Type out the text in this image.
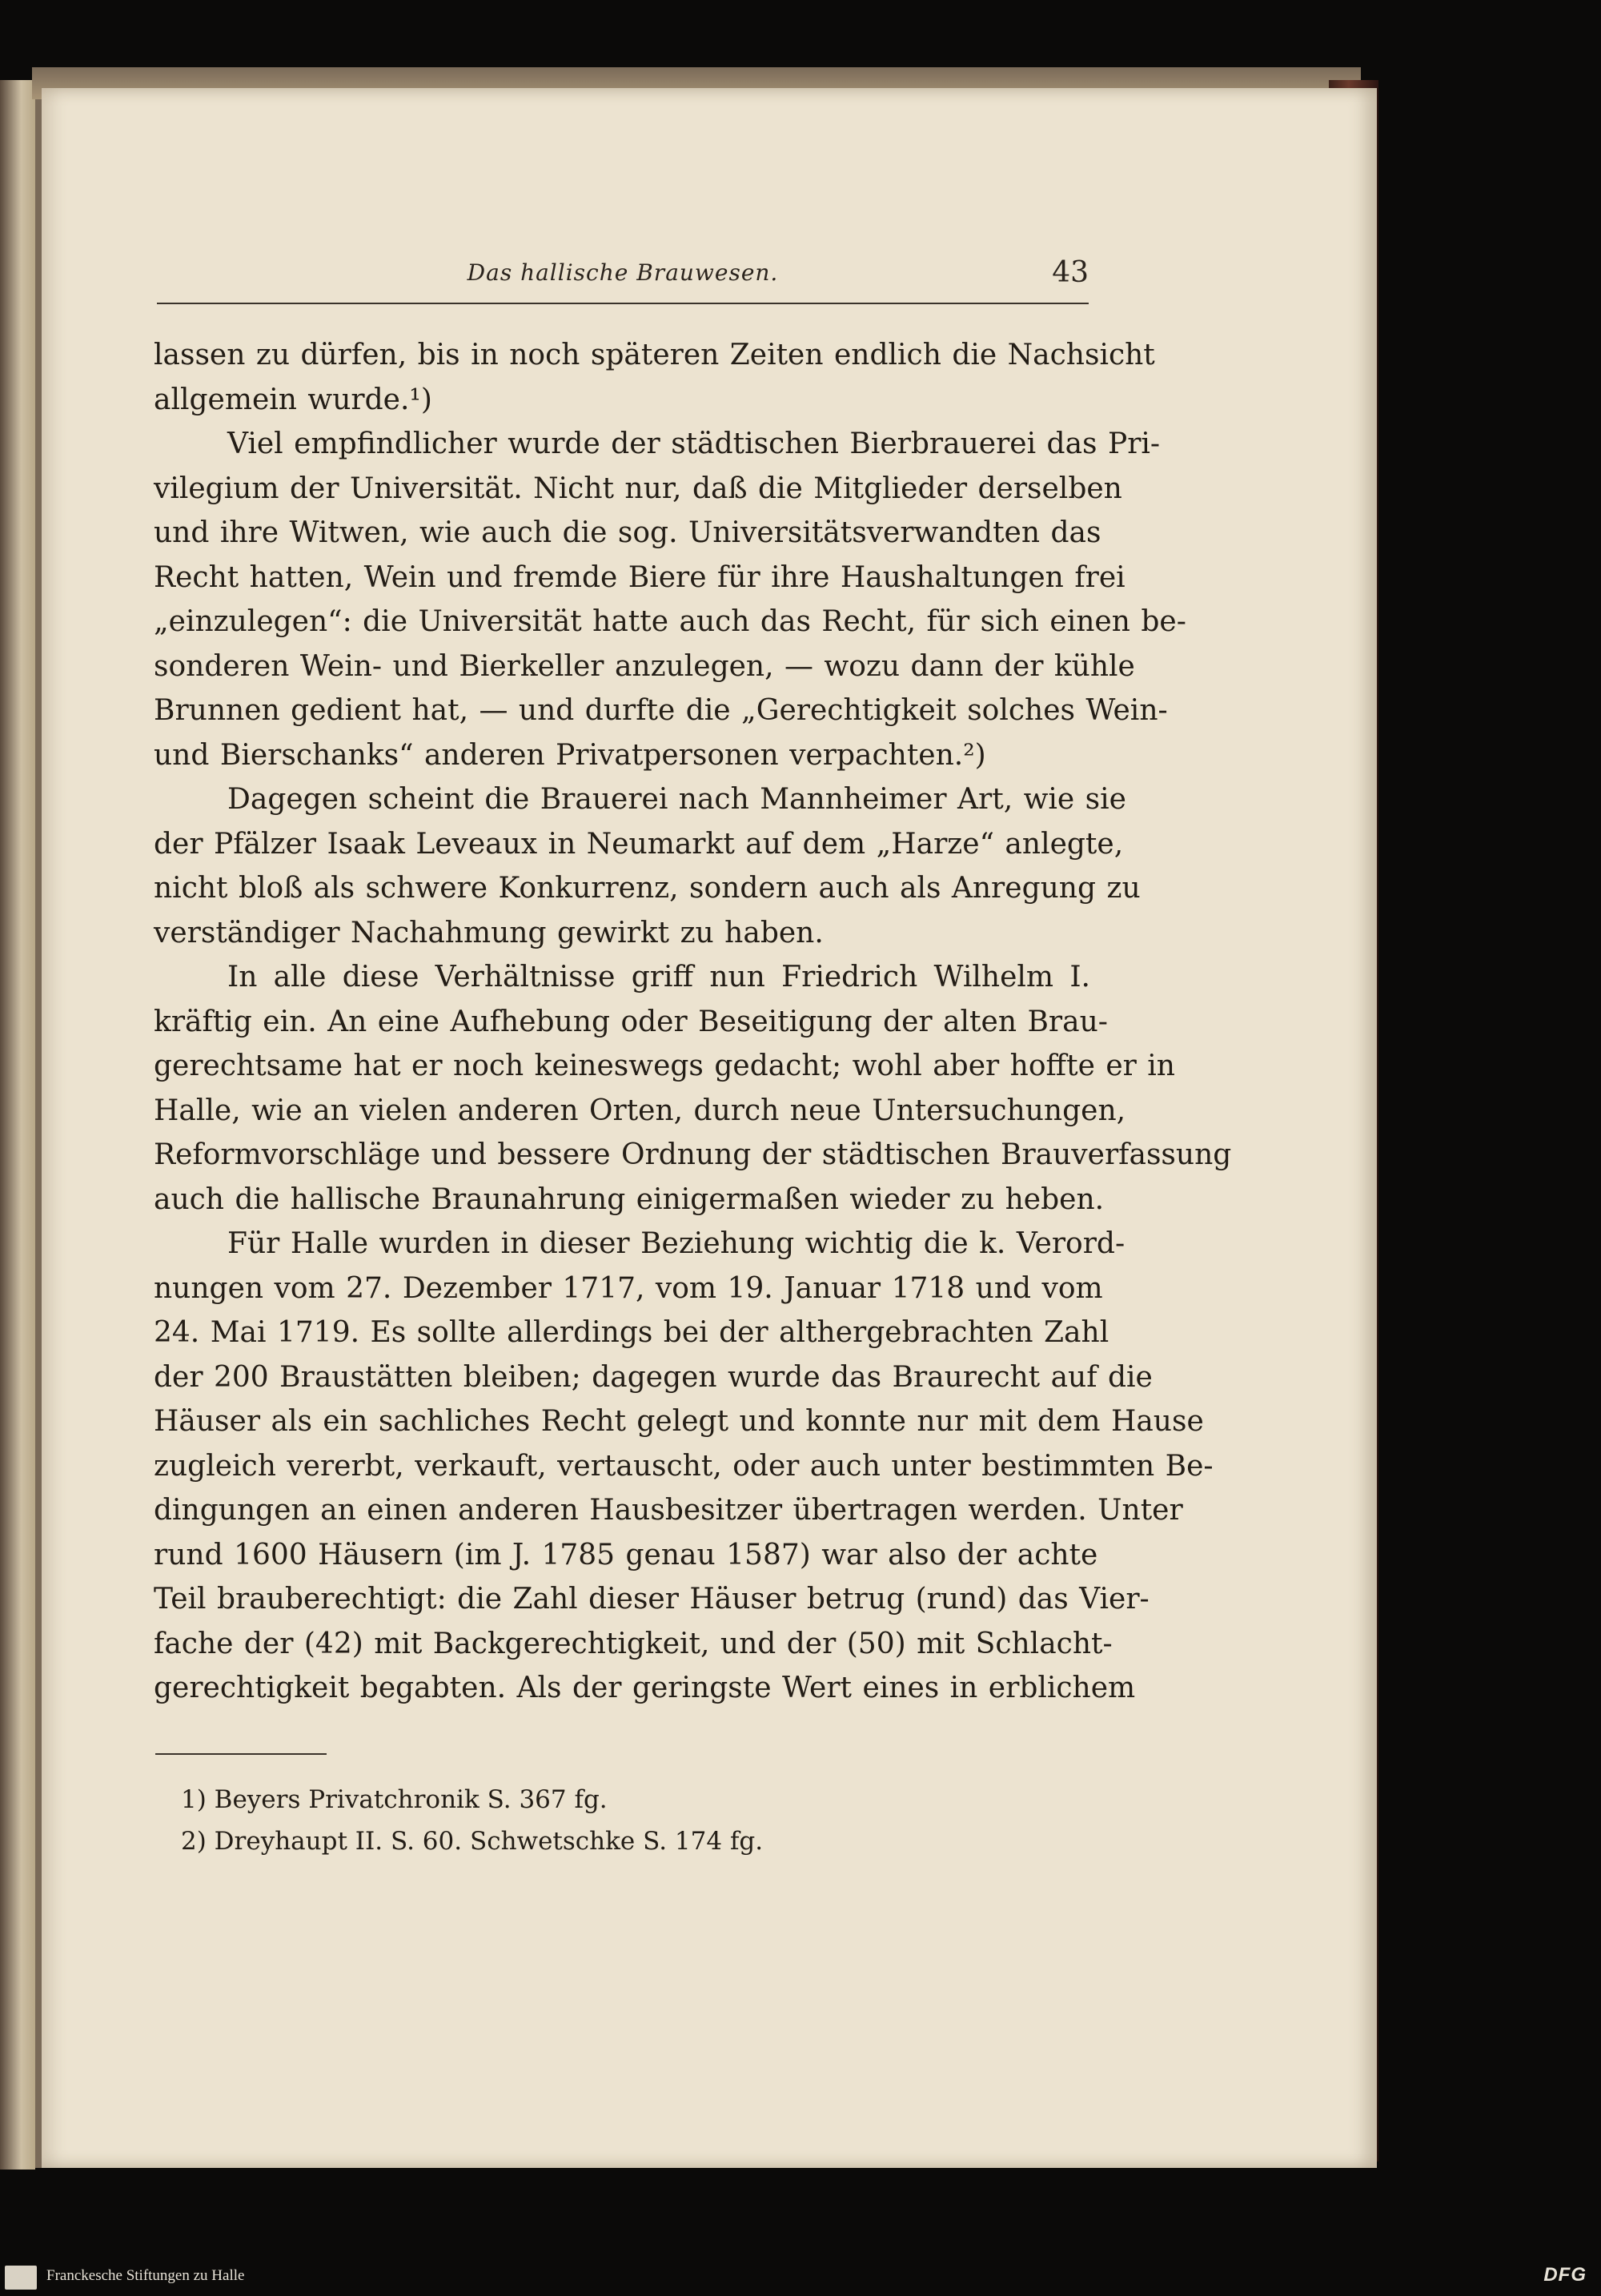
Das hallische Brauwesen.	43
lassen zu dürfen, bis in noch späteren Zeiten endlich die Nachsicht
allgemein wurde.¹)
Viel empfindlicher wurde der städtischen Bierbrauerei das Pri-
vilegium der Universität. Nicht nur, daß die Mitglieder derselben
und ihre Witwen, wie auch die sog. Universitätsverwandten das
Recht hatten, Wein und fremde Biere für ihre Haushaltungen frei
„einzulegen“: die Universität hatte auch das Recht, für sich einen be-
sonderen Wein- und Bierkeller anzulegen, — wozu dann der kühle
Brunnen gedient hat, — und durfte die „Gerechtigkeit solches Wein-
und Bierschanks“ anderen Privatpersonen verpachten.²)
Dagegen scheint die Brauerei nach Mannheimer Art, wie sie
der Pfälzer Isaak Leveaux in Neumarkt auf dem „Harze“ anlegte,
nicht bloß als schwere Konkurrenz, sondern auch als Anregung zu
verständiger Nachahmung gewirkt zu haben.
In alle diese Verhältnisse griff nun Friedrich Wilhelm I.
kräftig ein. An eine Aufhebung oder Beseitigung der alten Brau-
gerechtsame hat er noch keineswegs gedacht; wohl aber hoffte er in
Halle, wie an vielen anderen Orten, durch neue Untersuchungen,
Reformvorschläge und bessere Ordnung der städtischen Brauverfassung
auch die hallische Braunahrung einigermaßen wieder zu heben.
Für Halle wurden in dieser Beziehung wichtig die k. Verord-
nungen vom 27. Dezember 1717, vom 19. Januar 1718 und vom
24. Mai 1719. Es sollte allerdings bei der althergebrachten Zahl
der 200 Braustätten bleiben; dagegen wurde das Braurecht auf die
Häuser als ein sachliches Recht gelegt und konnte nur mit dem Hause
zugleich vererbt, verkauft, vertauscht, oder auch unter bestimmten Be-
dingungen an einen anderen Hausbesitzer übertragen werden. Unter
rund 1600 Häusern (im J. 1785 genau 1587) war also der achte
Teil brauberechtigt: die Zahl dieser Häuser betrug (rund) das Vier-
fache der (42) mit Backgerechtigkeit, und der (50) mit Schlacht-
gerechtigkeit begabten. Als der geringste Wert eines in erblichem
1) Beyers Privatchronik S. 367 fg.
2) Dreyhaupt II. S. 60. Schwetschke S. 174 fg.
Franckesche Stiftungen zu Halle	DFG
